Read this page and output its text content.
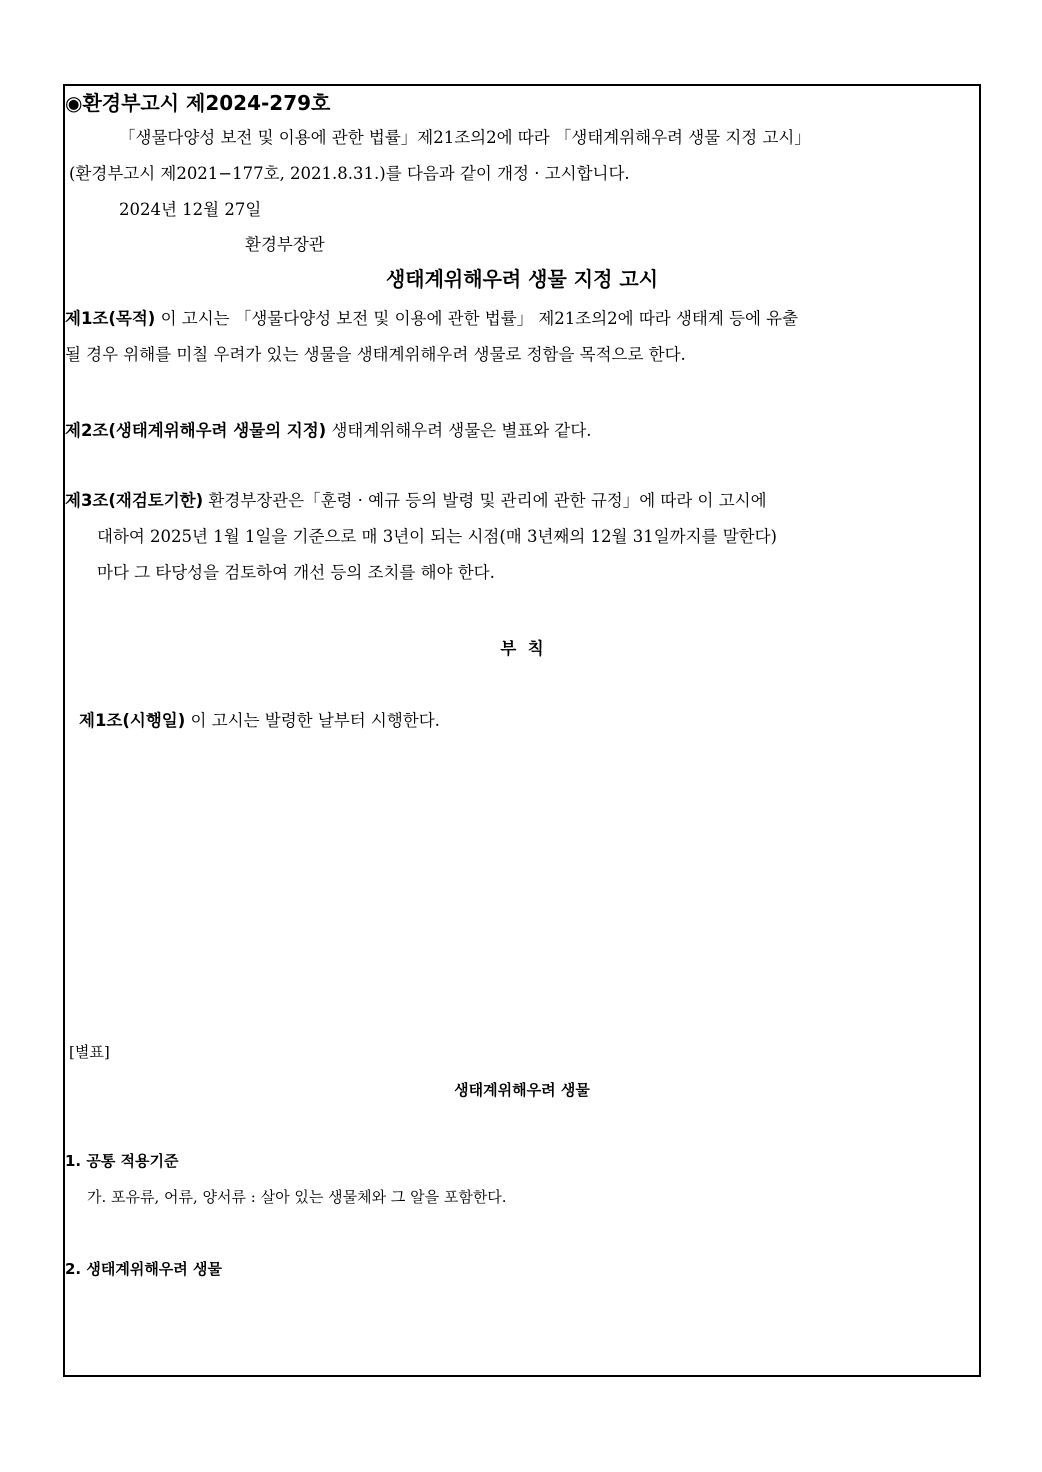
◉환경부고시 제2024-279호
「생물다양성 보전 및 이용에 관한 법률」제21조의2에 따라 「생태계위해우려 생물 지정 고시」
(환경부고시 제2021−177호, 2021.8.31.)를 다음과 같이 개정 · 고시합니다.
2024년 12월 27일
환경부장관
생태계위해우려 생물 지정 고시
제1조(목적) 이 고시는 「생물다양성 보전 및 이용에 관한 법률」 제21조의2에 따라 생태계 등에 유출
될 경우 위해를 미칠 우려가 있는 생물을 생태계위해우려 생물로 정함을 목적으로 한다.
제2조(생태계위해우려 생물의 지정) 생태계위해우려 생물은 별표와 같다.
제3조(재검토기한) 환경부장관은「훈령 · 예규 등의 발령 및 관리에 관한 규정」에 따라 이 고시에
대하여 2025년 1월 1일을 기준으로 매 3년이 되는 시점(매 3년째의 12월 31일까지를 말한다)
마다 그 타당성을 검토하여 개선 등의 조치를 해야 한다.
부  칙
제1조(시행일) 이 고시는 발령한 날부터 시행한다.
[별표]
생태계위해우려 생물
1. 공통 적용기준
가. 포유류, 어류, 양서류 : 살아 있는 생물체와 그 알을 포함한다.
2. 생태계위해우려 생물
